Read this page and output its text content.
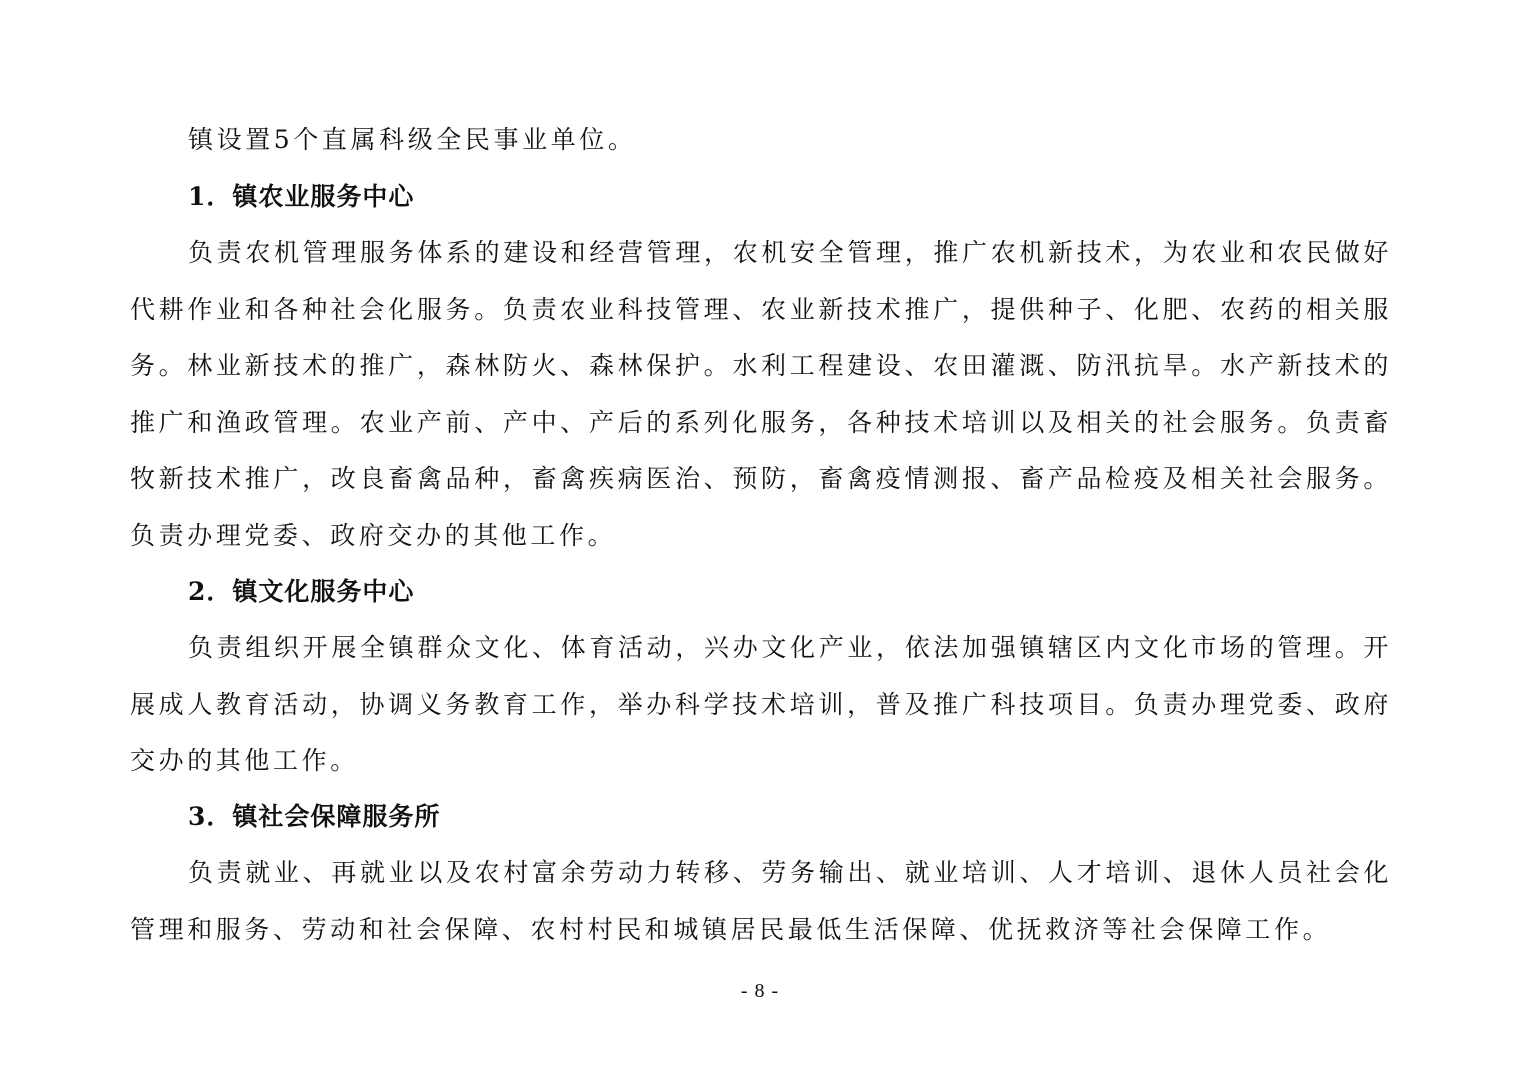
镇设置5个直属科级全民事业单位。

1．镇农业服务中心

负责农机管理服务体系的建设和经营管理，农机安全管理，推广农机新技术，为农业和农民做好代耕作业和各种社会化服务。负责农业科技管理、农业新技术推广，提供种子、化肥、农药的相关服务。林业新技术的推广，森林防火、森林保护。水利工程建设、农田灌溉、防汛抗旱。水产新技术的推广和渔政管理。农业产前、产中、产后的系列化服务，各种技术培训以及相关的社会服务。负责畜牧新技术推广，改良畜禽品种，畜禽疾病医治、预防，畜禽疫情测报、畜产品检疫及相关社会服务。负责办理党委、政府交办的其他工作。

2．镇文化服务中心

负责组织开展全镇群众文化、体育活动，兴办文化产业，依法加强镇辖区内文化市场的管理。开展成人教育活动，协调义务教育工作，举办科学技术培训，普及推广科技项目。负责办理党委、政府交办的其他工作。

3．镇社会保障服务所

负责就业、再就业以及农村富余劳动力转移、劳务输出、就业培训、人才培训、退休人员社会化管理和服务、劳动和社会保障、农村村民和城镇居民最低生活保障、优抚救济等社会保障工作。

- 8 -
